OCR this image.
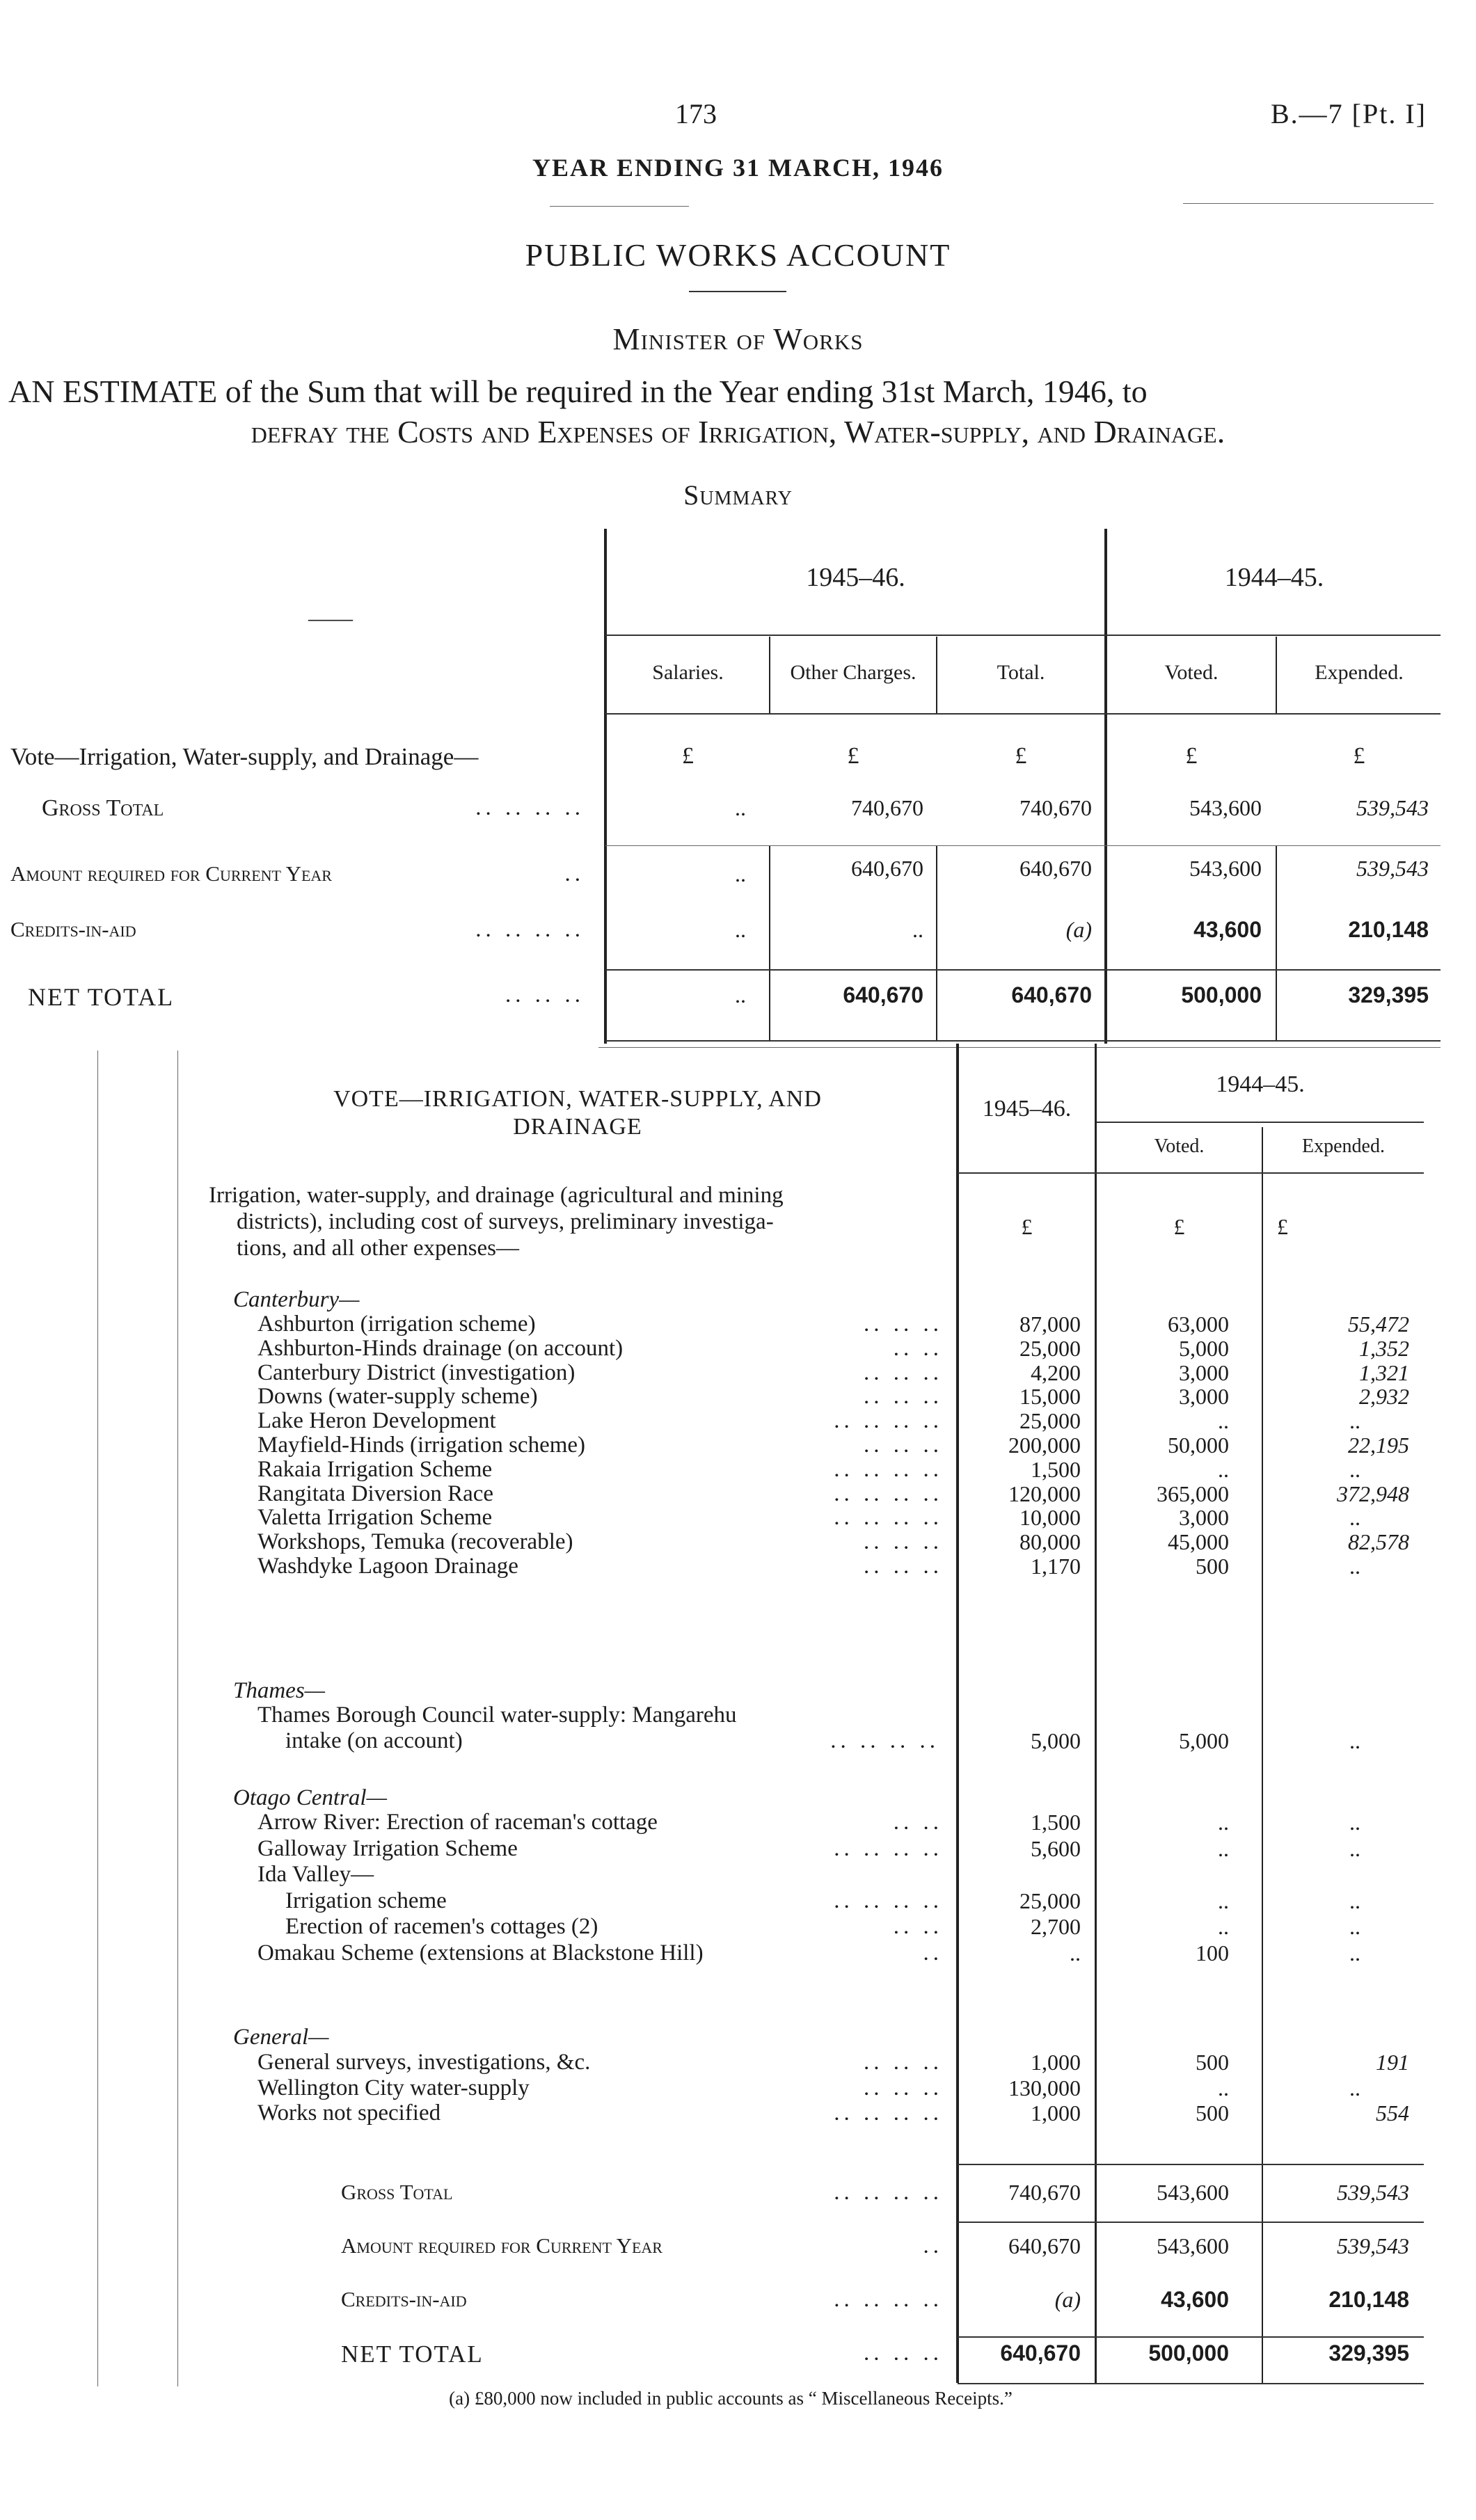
173	B.—7 [Pt. I]
YEAR ENDING 31 MARCH, 1946
PUBLIC WORKS ACCOUNT
Minister of Works
AN ESTIMATE of the Sum that will be required in the Year ending 31st March, 1946, to
defray the Costs and Expenses of Irrigation, Water-supply, and Drainage.
Summary
——
1945–46.	1944–45.
Salaries.	Other Charges.	Total.	Voted.	Expended.
Vote—Irrigation, Water-supply, and Drainage—	£	£	£	£	£
Gross Total	.. .. .. ..	..	740,670	740,670	543,600	539,543
Amount required for Current Year	..	..	640,670	640,670	543,600	539,543
Credits-in-aid	.. .. .. ..	..	..	(a)	43,600	210,148
NET TOTAL	.. .. ..	..	640,670	640,670	500,000	329,395
VOTE—IRRIGATION, WATER-SUPPLY, AND
DRAINAGE
1945–46.
1944–45.
Voted.	Expended.
Irrigation, water-supply, and drainage (agricultural and mining
districts), including cost of surveys, preliminary investiga-
tions, and all other expenses—
£	£	£
Canterbury—
Ashburton (irrigation scheme)	.. .. ..	87,000	63,000	55,472
Ashburton-Hinds drainage (on account)	.. ..	25,000	5,000	1,352
Canterbury District (investigation)	.. .. ..	4,200	3,000	1,321
Downs (water-supply scheme)	.. .. ..	15,000	3,000	2,932
Lake Heron Development	.. .. .. ..	25,000	..	..
Mayfield-Hinds (irrigation scheme)	.. .. ..	200,000	50,000	22,195
Rakaia Irrigation Scheme	.. .. .. ..	1,500	..	..
Rangitata Diversion Race	.. .. .. ..	120,000	365,000	372,948
Valetta Irrigation Scheme	.. .. .. ..	10,000	3,000	..
Workshops, Temuka (recoverable)	.. .. ..	80,000	45,000	82,578
Washdyke Lagoon Drainage	.. .. ..	1,170	500	..
Thames—
Thames Borough Council water-supply: Mangarehu
intake (on account)	.. .. .. ..	5,000	5,000	..
Otago Central—
Arrow River: Erection of raceman's cottage	.. ..	1,500	..	..
Galloway Irrigation Scheme	.. .. .. ..	5,600	..	..
Ida Valley—
Irrigation scheme	.. .. .. ..	25,000	..	..
Erection of racemen's cottages (2)	.. ..	2,700	..	..
Omakau Scheme (extensions at Blackstone Hill)	..	..	100	..
General—
General surveys, investigations, &c.	.. .. ..	1,000	500	191
Wellington City water-supply	.. .. ..	130,000	..	..
Works not specified	.. .. .. ..	1,000	500	554
Gross Total	.. .. .. ..	740,670	543,600	539,543
Amount required for Current Year	..	640,670	543,600	539,543
Credits-in-aid	.. .. .. ..	(a)	43,600	210,148
NET TOTAL	.. .. ..	640,670	500,000	329,395
(a) £80,000 now included in public accounts as “ Miscellaneous Receipts.”
